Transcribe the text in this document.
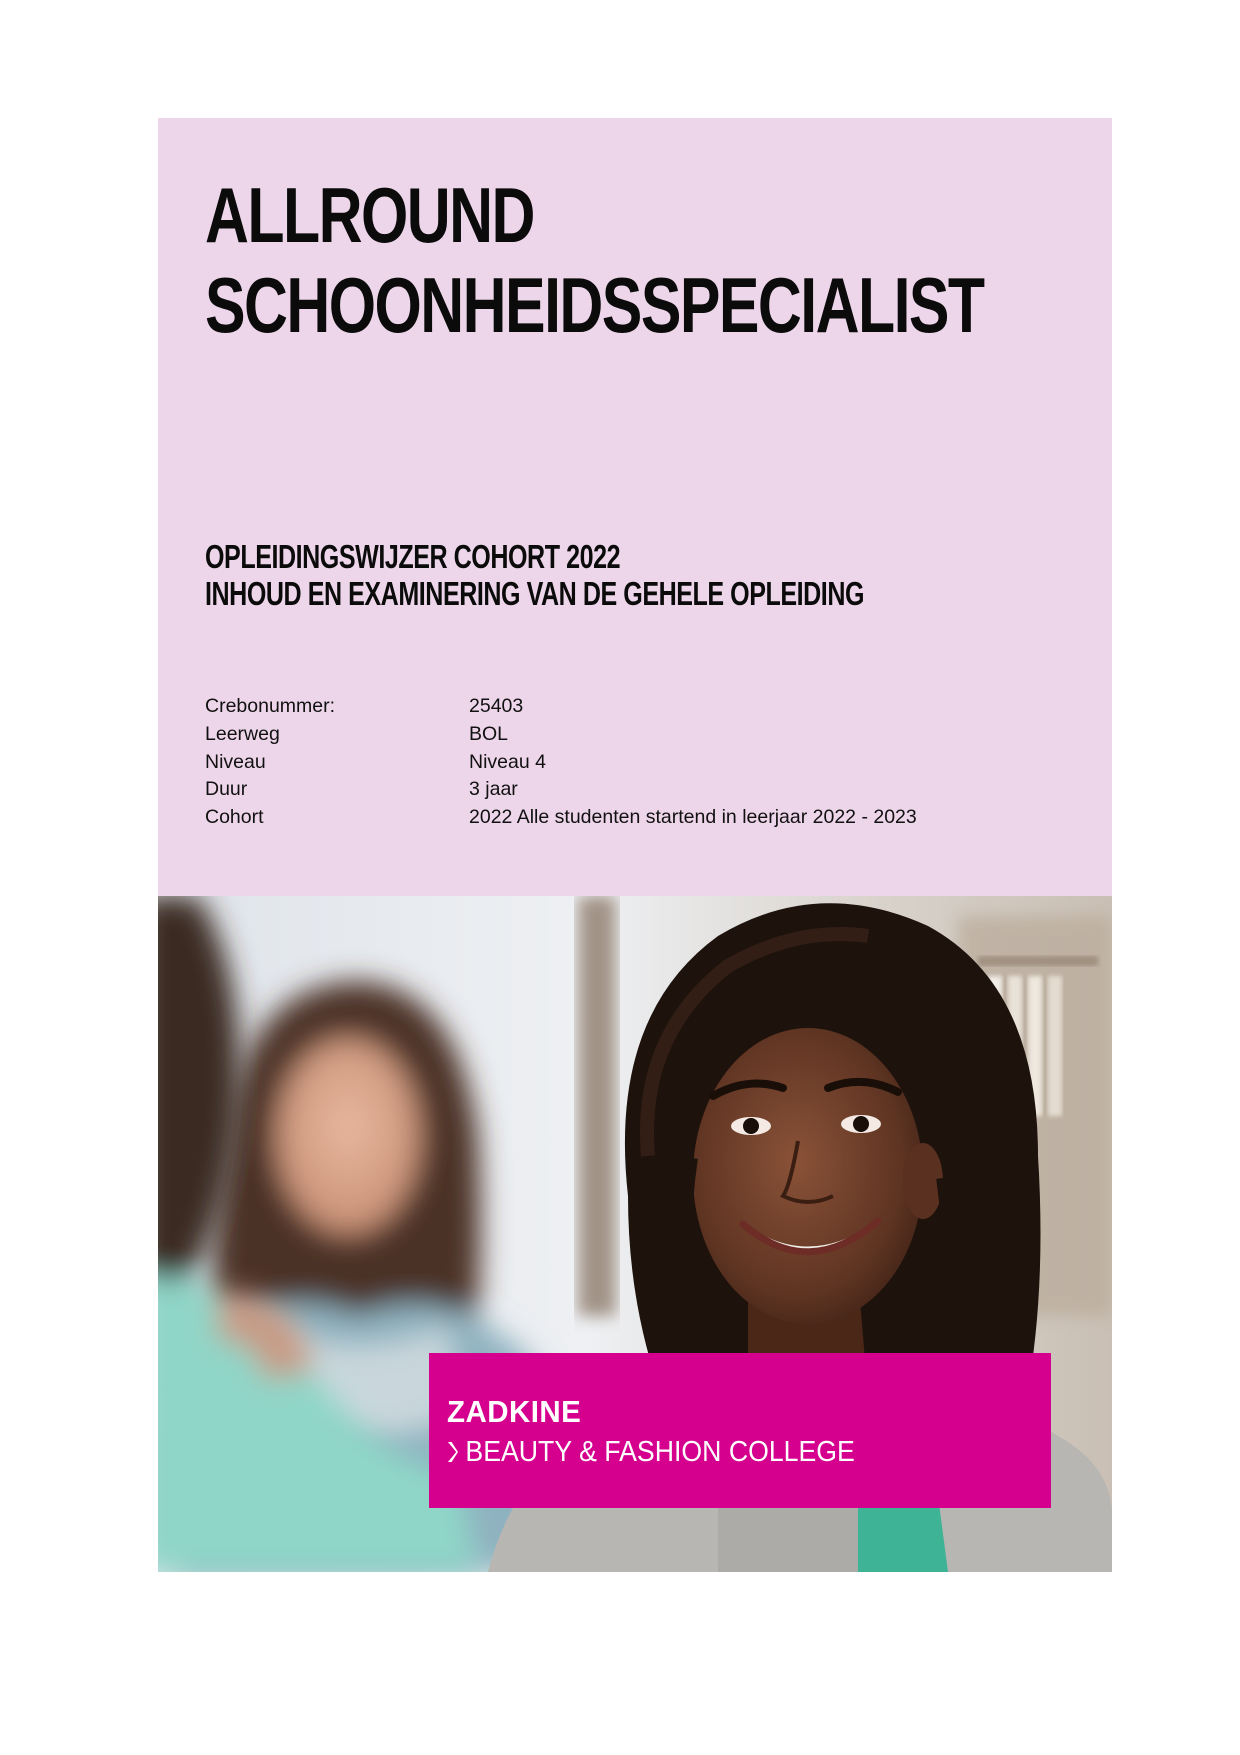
ALLROUND
SCHOONHEIDSSPECIALIST
OPLEIDINGSWIJZER COHORT 2022
INHOUD EN EXAMINERING VAN DE GEHELE OPLEIDING
Crebonummer:	25403
Leerweg	BOL
Niveau	Niveau 4
Duur	3 jaar
Cohort	2022 Alle studenten startend in leerjaar 2022 - 2023
ZADKINE
BEAUTY & FASHION COLLEGE
